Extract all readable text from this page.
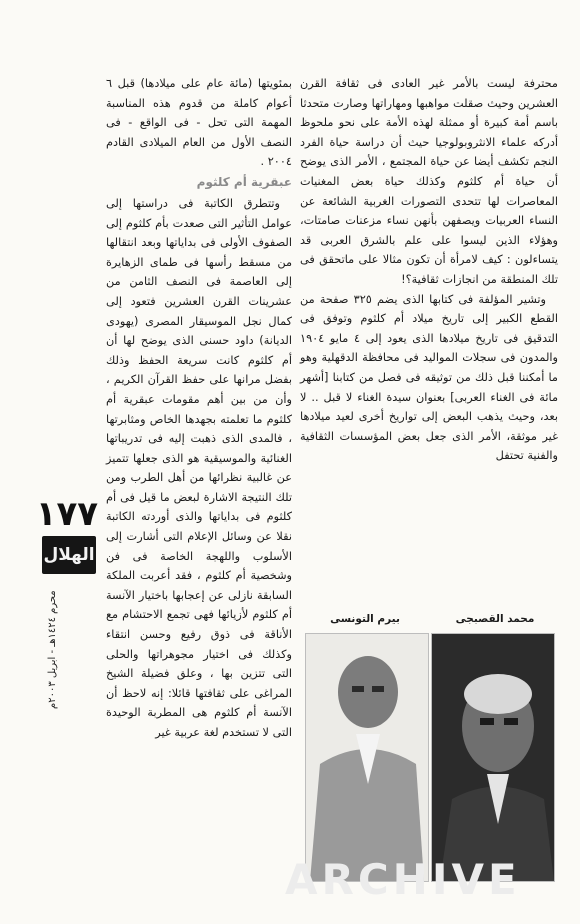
محترفة ليست بالأمر غير العادى فى ثقافة القرن العشرين وحيث صقلت مواهبها ومهاراتها وصارت متحدثا باسم أمة كبيرة أو ممثلة لهذه الأمة على نحو ملحوظ أدركه علماء الانثروبولوجيا حيث أن دراسة حياة الفرد النجم تكشف أيضا عن حياة المجتمع ، الأمر الذى يوضح أن حياة أم كلثوم وكذلك حياة بعض المغنيات المعاصرات لها تتحدى التصورات الغربية الشائعة عن النساء العربيات ويصفهن بأنهن نساء مزعنات صامتات، وهؤلاء الذين ليسوا على علم بالشرق العربى قد يتساءلون : كيف لامرأة أن تكون مثالا على ماتحقق فى تلك المنطقة من انجازات ثقافية؟!

وتشير المؤلفة فى كتابها الذى يضم ٣٢٥ صفحة من القطع الكبير إلى تاريخ ميلاد أم كلثوم وتوفق فى التدقيق فى تاريخ ميلادها الذى يعود إلى ٤ مايو ١٩٠٤ والمدون فى سجلات المواليد فى محافظة الدقهلية وهو ما أمكننا قبل ذلك من توثيقه فى فصل من كتابنا [أشهر مائة فى الغناء العربى] بعنوان سيدة الغناء لا قبل .. لا بعد، وحيث يذهب البعض إلى تواريخ أخرى لعيد ميلادها غير موثقة، الأمر الذى جعل بعض المؤسسات الثقافية والفنية تحتفل

بمئويتها (مائة عام على ميلادها) قبل ٦ أعوام كاملة من قدوم هذه المناسبة المهمة التى تحل - فى الواقع - فى النصف الأول من العام الميلادى القادم ٢٠٠٤ .

عبقرية أم كلثوم

وتتطرق الكاتبة فى دراستها إلى عوامل التأثير التى صعدت بأم كلثوم إلى الصفوف الأولى فى بداياتها وبعد انتقالها من مسقط رأسها فى طماى الزهايرة إلى العاصمة فى النصف الثامن من عشرينات القرن العشرين فتعود إلى كمال نجل الموسيقار المصرى (يهودى الديانة) داود حسنى الذى يوضح لها أن أم كلثوم كانت سريعة الحفظ وذلك بفضل مرانها على حفظ القرآن الكريم ، وأن من بين أهم مقومات عبقرية أم كلثوم ما تعلمته بجهدها الخاص ومثابرتها ، فالمدى الذى ذهبت إليه فى تدريباتها الغنائية والموسيقية هو الذى جعلها تتميز عن غالبية نظرائها من أهل الطرب ومن تلك النتيجة الاشارة لبعض ما قيل فى أم كلثوم فى بداياتها والذى أوردته الكاتبة نقلا عن وسائل الإعلام التى أشارت إلى الأسلوب واللهجة الخاصة فى فن وشخصية أم كلثوم ، فقد أعربت الملكة السابقة نازلى عن إعجابها باختيار الآنسة أم كلثوم لأزيائها فهى تجمع الاحتشام مع الأناقة فى ذوق رفيع وحسن انتقاء وكذلك فى اختيار مجوهراتها والحلى التى تتزين بها ، وعلق فضيلة الشيخ المراغى على ثقافتها قائلا: إنه لاحظ أن الآنسة أم كلثوم هى المطربة الوحيدة التى لا تستخدم لغة عربية غير

محمد القصبجى
بيرم التونسى
١٧٧
الهلال
محرم ١٤٢٤هـ - ابريل ٢٠٠٣م
ARCHIVE
